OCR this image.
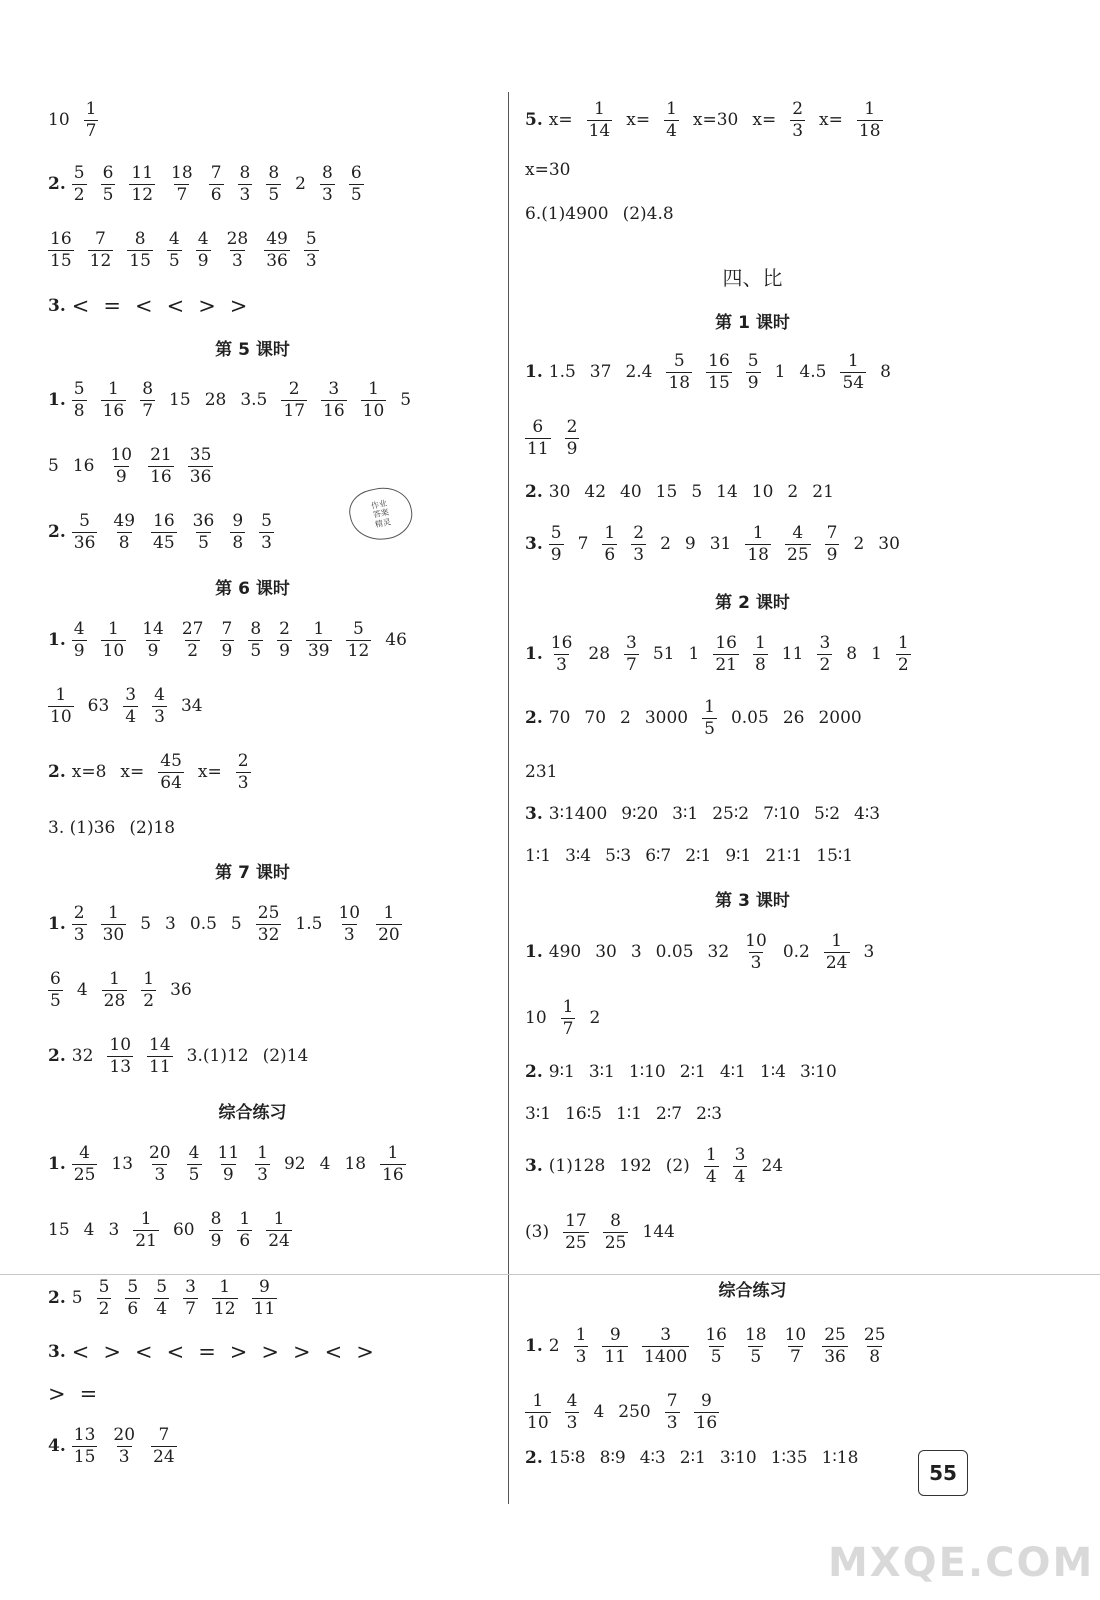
$10 \frac{1}{7}$
2. $\frac{5}{2} \frac{6}{5} \frac{11}{12} \frac{18}{7} \frac{7}{6} \frac{8}{3} \frac{8}{5} 2 \frac{8}{3} \frac{6}{5}$
$\frac{16}{15} \frac{7}{12} \frac{8}{15} \frac{4}{5} \frac{4}{9} \frac{28}{3} \frac{49}{36} \frac{5}{3}$
3. < = < < > >
1. $\frac{5}{8} \frac{1}{16} \frac{8}{7} 15$ 28 $3.5 \frac{2}{17} \frac{3}{16} \frac{1}{10} 5$
5 $16 \frac{10}{9} \frac{21}{16} \frac{35}{36}$
2. $\frac{5}{36} \frac{49}{8} \frac{16}{45} \frac{36}{5} \frac{9}{8} \frac{5}{3}$
1. $\frac{4}{9} \frac{1}{10} \frac{14}{9} \frac{27}{2} \frac{7}{9} \frac{8}{5} \frac{2}{9} \frac{1}{39} \frac{5}{12} 46$
$\frac{1}{10} 63 \frac{3}{4} \frac{4}{3} 34$
2. x=8 $x= \frac{45}{64} x= \frac{2}{3}$
3. (1)36 (2)18
1. $\frac{2}{3} \frac{1}{30} 5$ 3 0.5 $5 \frac{25}{32} 1.5 \frac{10}{3} \frac{1}{20}$
$\frac{6}{5} 4 \frac{1}{28} \frac{1}{2} 36$
2. $32 \frac{10}{13} \frac{14}{11} 3.(1)12$ (2)14
1. $\frac{4}{25} 13 \frac{20}{3} \frac{4}{5} \frac{11}{9} \frac{1}{3} 92$ 4 $18 \frac{1}{16}$
15 4 $3 \frac{1}{21} 60 \frac{8}{9} \frac{1}{6} \frac{1}{24}$
2. $5 \frac{5}{2} \frac{5}{6} \frac{5}{4} \frac{3}{7} \frac{1}{12} \frac{9}{11}$
3. < > < < = > > > < >
> =
4. $\frac{13}{15} \frac{20}{3} \frac{7}{24}$
第 5 课时
第 6 课时
第 7 课时
综合练习
5. $x= \frac{1}{14} x= \frac{1}{4} x=30$ $x= \frac{2}{3} x= \frac{1}{18}$
x=30
6.(1)4900 (2)4.8
1. 1.5 37 $2.4 \frac{5}{18} \frac{16}{15} \frac{5}{9} 1$ $4.5 \frac{1}{54} 8$
$\frac{6}{11} \frac{2}{9}$
2. 30 42 40 15 5 14 10 2 21
3. $\frac{5}{9} 7 \frac{1}{6} \frac{2}{3} 2$ 9 $31 \frac{1}{18} \frac{4}{25} \frac{7}{9} 2$ 30
1. $\frac{16}{3} 28 \frac{3}{7} 51$ $1 \frac{16}{21} \frac{1}{8} 11 \frac{3}{2} 8$ $1 \frac{1}{2}$
2. 70 70 2 $3000 \frac{1}{5} 0.05$ 26 2000
231
3. 3∶1400 9∶20 3∶1 25∶2 7∶10 5∶2 4∶3
1∶1 3∶4 5∶3 6∶7 2∶1 9∶1 21∶1 15∶1
1. 490 30 3 0.05 $32 \frac{10}{3} 0.2 \frac{1}{24} 3$
$10 \frac{1}{7} 2$
2. 9∶1 3∶1 1∶10 2∶1 4∶1 1∶4 3∶10
3∶1 16∶5 1∶1 2∶7 2∶3
3. (1)128 192 $(2) \frac{1}{4} \frac{3}{4} 24$
$(3) \frac{17}{25} \frac{8}{25} 144$
1. $2 \frac{1}{3} \frac{9}{11} \frac{3}{1400} \frac{16}{5} \frac{18}{5} \frac{10}{7} \frac{25}{36} \frac{25}{8}$
$\frac{1}{10} \frac{4}{3} 4$ $250 \frac{7}{3} \frac{9}{16}$
2. 15∶8 8∶9 4∶3 2∶1 3∶10 1∶35 1∶18
第 1 课时
第 2 课时
第 3 课时
综合练习
四、比
作业
答案
精灵
MXQE.COM
55
